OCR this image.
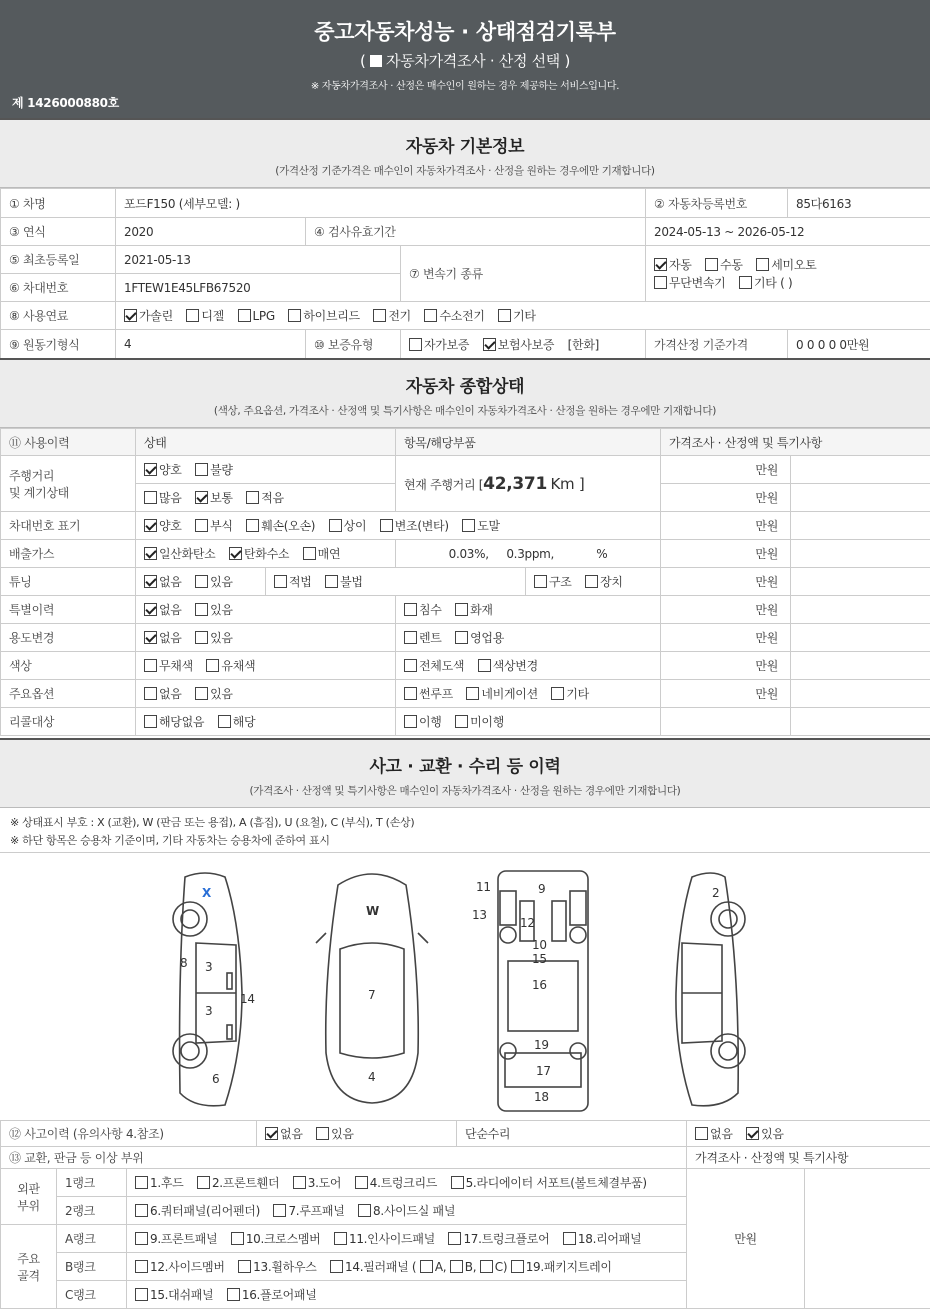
중고자동차성능 · 상태점검기록부
( 자동차가격조사 · 산정 선택 )
※ 자동차가격조사 · 산정은 매수인이 원하는 경우 제공하는 서비스입니다.
제 1426000880호
자동차 기본정보
(가격산정 기준가격은 매수인이 자동차가격조사 · 산정을 원하는 경우에만 기재합니다)
① 차명	포드F150 (세부모델: )			② 자동차등록번호	85다6163
③ 연식	2020	④ 검사유효기간		2024-05-13 ~ 2026-05-12	
⑤ 최초등록일	2021-05-13		⑦ 변속기 종류	자동 수동 세미오토
무단변속기 기타 ( )	
⑥ 차대번호	1FTEW1E45LFB67520				
⑧ 사용연료	가솔린 디젤 LPG 하이브리드 전기 수소전기 기타				
⑨ 원동기형식	4	⑩ 보증유형	자가보증 보험사보증 [한화]	가격산정 기준가격	0 0 0 0 0만원
자동차 종합상태
(색상, 주요옵션, 가격조사 · 산정액 및 특기사항은 매수인이 자동차가격조사 · 산정을 원하는 경우에만 기재합니다)
⑪ 사용이력	상태		항목/해당부품		가격조사 · 산정액 및 특기사항	
주행거리
및 계기상태	양호 불량		현재 주행거리 [42,371 Km ]		만원	
	많음 보통 적음				만원	
차대번호 표기	양호 부식 훼손(오손) 상이 변조(변타) 도말				만원	
배출가스	일산화탄소 탄화수소 매연		0.03%, 0.3ppm, %		만원	
튜닝	없음 있음	적법 불법		구조 장치	만원	
특별이력	없음 있음		침수 화재		만원	
용도변경	없음 있음		렌트 영업용		만원	
색상	무채색 유채색		전체도색 색상변경		만원	
주요옵션	없음 있음		썬루프 네비게이션 기타		만원	
리콜대상	해당없음 해당		이행 미이행			
사고 · 교환 · 수리 등 이력
(가격조사 · 산정액 및 특기사항은 매수인이 자동차가격조사 · 산정을 원하는 경우에만 기재합니다)
※ 상태표시 부호 : X (교환), W (판금 또는 용접), A (흠집), U (요철), C (부식), T (손상)
※ 하단 항목은 승용차 기준이며, 기타 자동차는 승용차에 준하여 표시
X
W
3
3
8
14
6
7
4
9
10
11
12
13
15
16
17
18
19
2
⑫ 사고이력 (유의사항 4.참조)			없음 있음	단순수리	없음 있음	
⑬ 교환, 판금 등 이상 부위					가격조사 · 산정액 및 특기사항	
외판
부위	1랭크	1.후드 2.프론트휀더 3.도어 4.트렁크리드 5.라디에이터 서포트(볼트체결부품)			만원	
	2랭크	6.쿼터패널(리어펜더) 7.루프패널 8.사이드실 패널				
주요
골격	A랭크	9.프론트패널 10.크로스멤버 11.인사이드패널 17.트렁크플로어 18.리어패널				
	B랭크	12.사이드멤버 13.휠하우스 14.필러패널 ( A, B, C) 19.패키지트레이				
	C랭크	15.대쉬패널 16.플로어패널				
